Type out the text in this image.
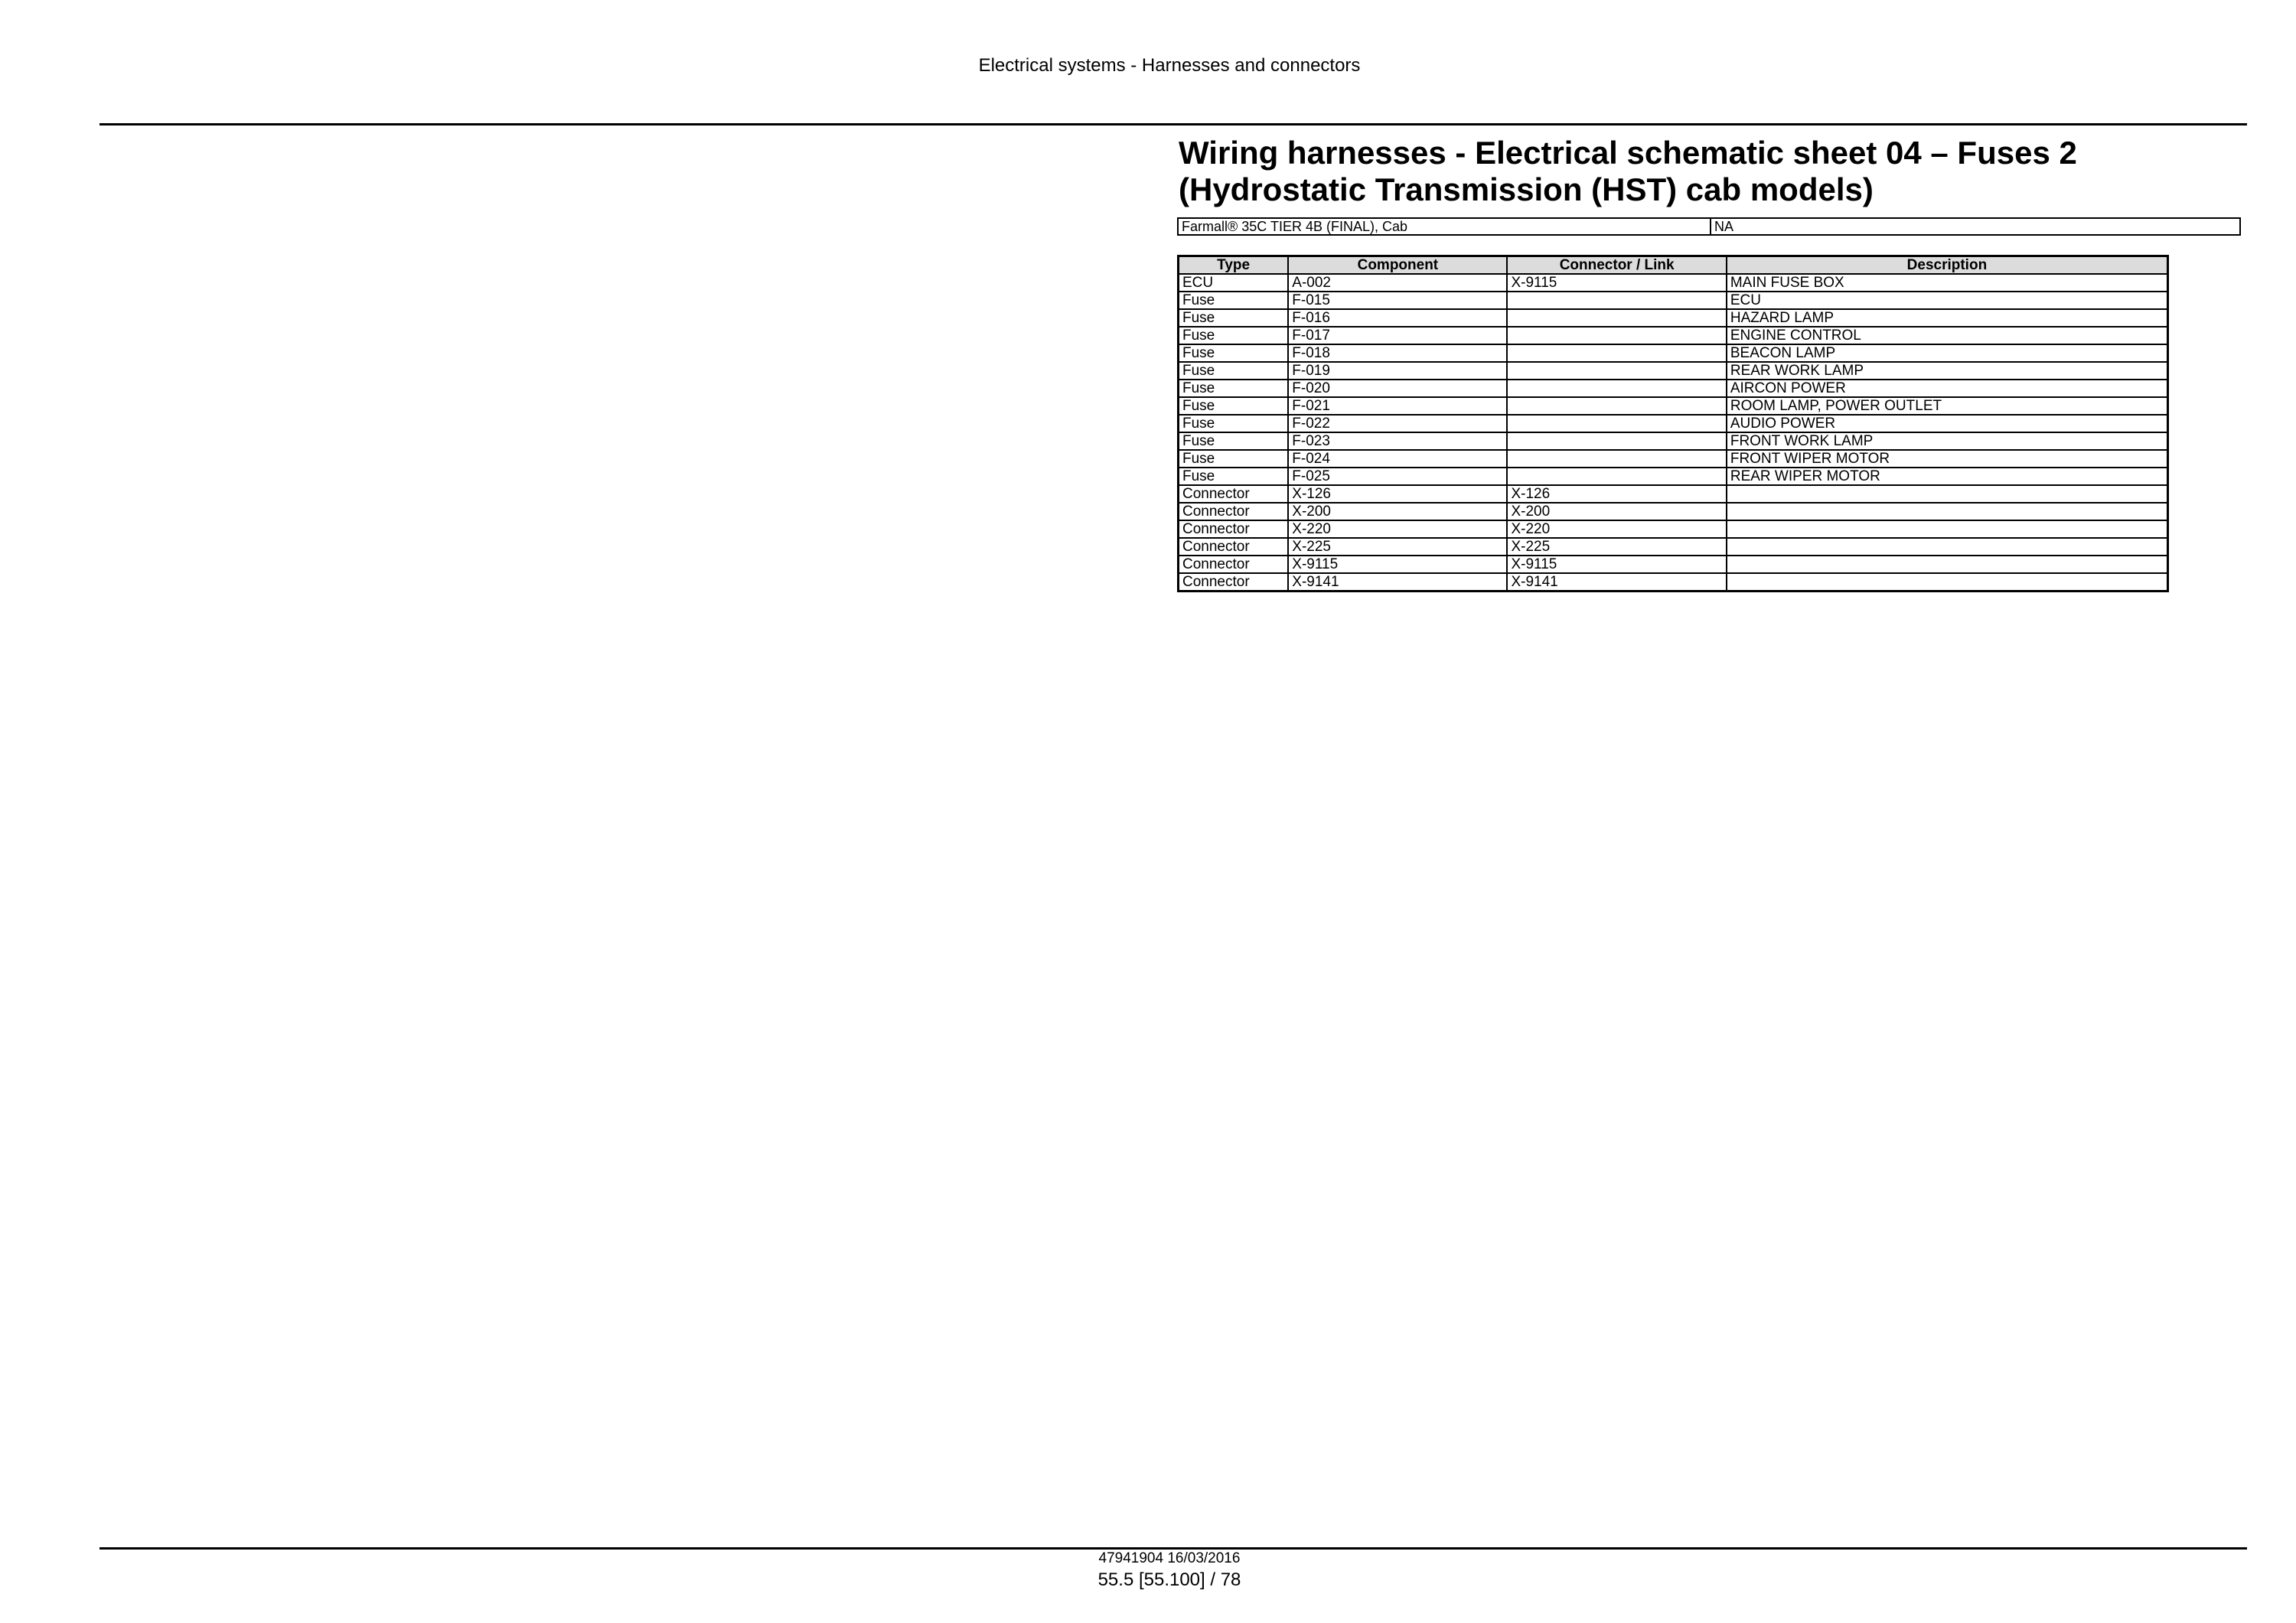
Electrical systems - Harnesses and connectors
Wiring harnesses - Electrical schematic sheet 04 – Fuses 2 (Hydrostatic Transmission (HST) cab models)
Farmall® 35C TIER 4B (FINAL), Cab	NA
Type	Component	Connector / Link	Description
ECU	A-002	X-9115	MAIN FUSE BOX
Fuse	F-015		ECU
Fuse	F-016		HAZARD LAMP
Fuse	F-017		ENGINE CONTROL
Fuse	F-018		BEACON LAMP
Fuse	F-019		REAR WORK LAMP
Fuse	F-020		AIRCON POWER
Fuse	F-021		ROOM LAMP, POWER OUTLET
Fuse	F-022		AUDIO POWER
Fuse	F-023		FRONT WORK LAMP
Fuse	F-024		FRONT WIPER MOTOR
Fuse	F-025		REAR WIPER MOTOR
Connector	X-126	X-126	
Connector	X-200	X-200	
Connector	X-220	X-220	
Connector	X-225	X-225	
Connector	X-9115	X-9115	
Connector	X-9141	X-9141	
47941904 16/03/2016
55.5 [55.100] / 78
